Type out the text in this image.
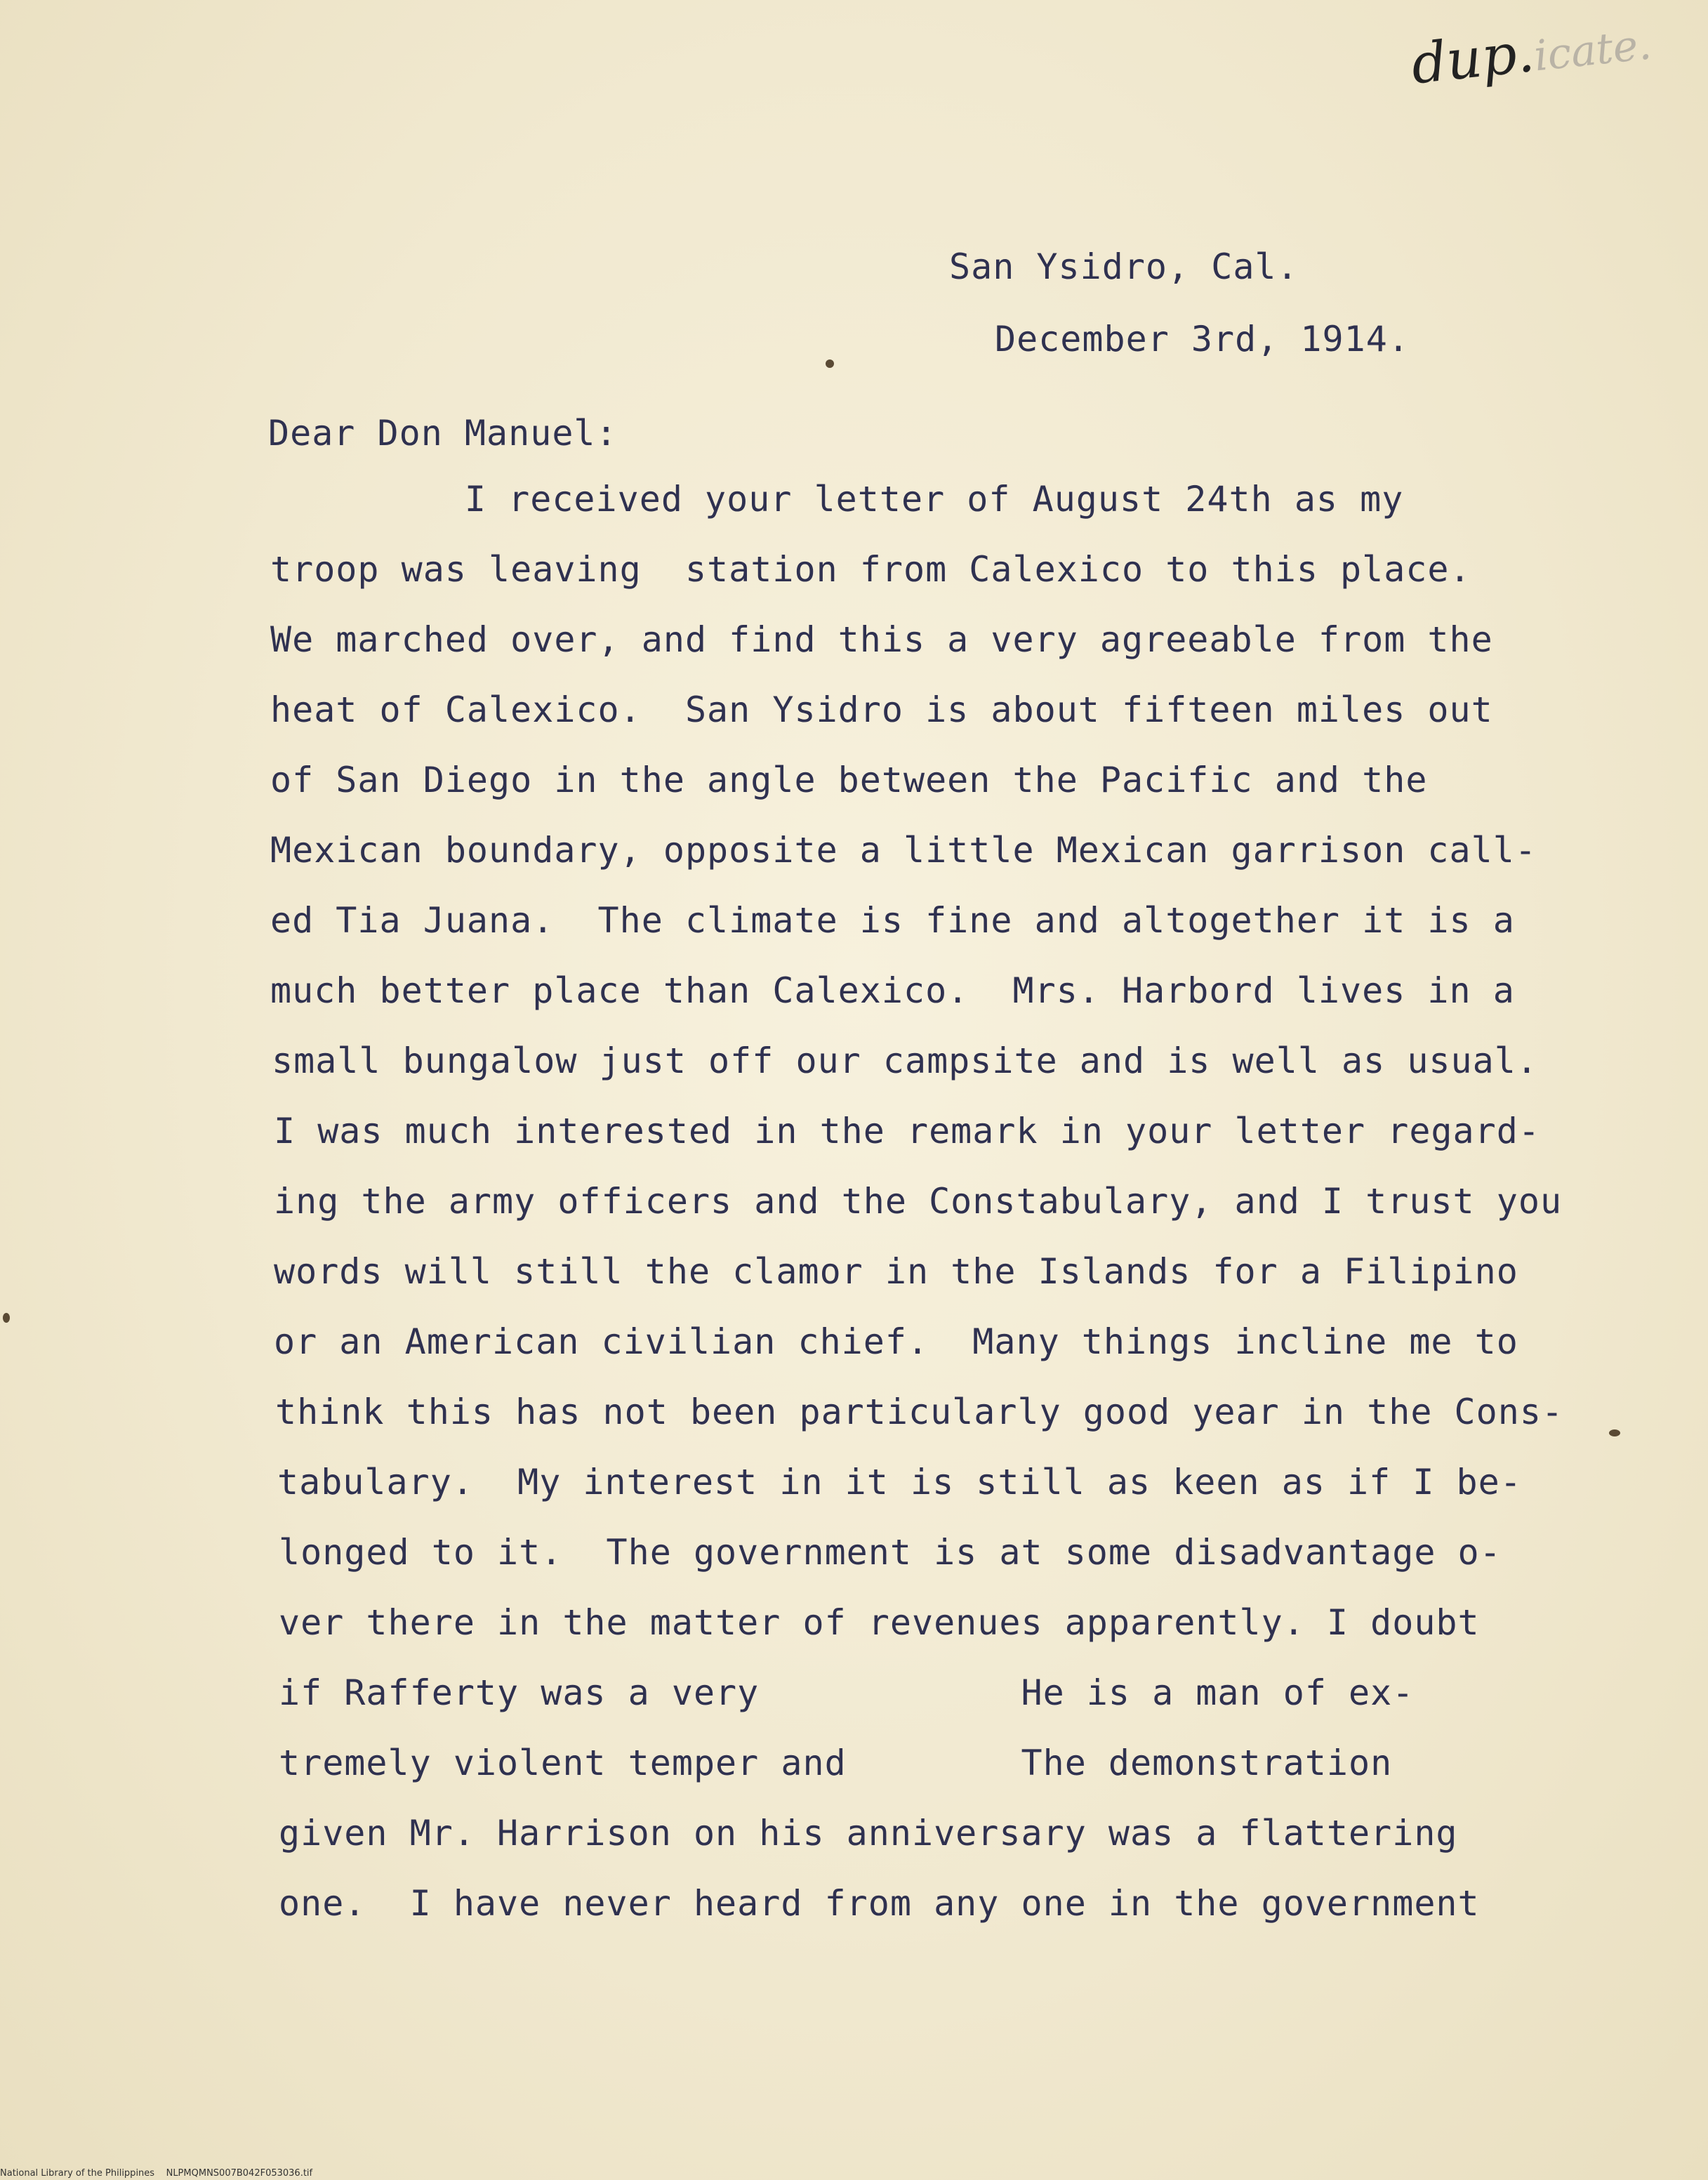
dup.icate.
San Ysidro, Cal.
December 3rd, 1914.
Dear Don Manuel:
I received your letter of August 24th as my
troop was leaving  station from Calexico to this place.
We marched over, and find this a very agreeable from the
heat of Calexico.  San Ysidro is about fifteen miles out
of San Diego in the angle between the Pacific and the
Mexican boundary, opposite a little Mexican garrison call-
ed Tia Juana.  The climate is fine and altogether it is a
much better place than Calexico.  Mrs. Harbord lives in a
small bungalow just off our campsite and is well as usual.
I was much interested in the remark in your letter regard-
ing the army officers and the Constabulary, and I trust you
words will still the clamor in the Islands for a Filipino
or an American civilian chief.  Many things incline me to
think this has not been particularly good year in the Cons-
tabulary.  My interest in it is still as keen as if I be-
longed to it.  The government is at some disadvantage o-
ver there in the matter of revenues apparently. I doubt
if Rafferty was a very            He is a man of ex-
tremely violent temper and        The demonstration
given Mr. Harrison on his anniversary was a flattering
one.  I have never heard from any one in the government
National Library of the Philippines NLPMQMNS007B042F053036.tif
